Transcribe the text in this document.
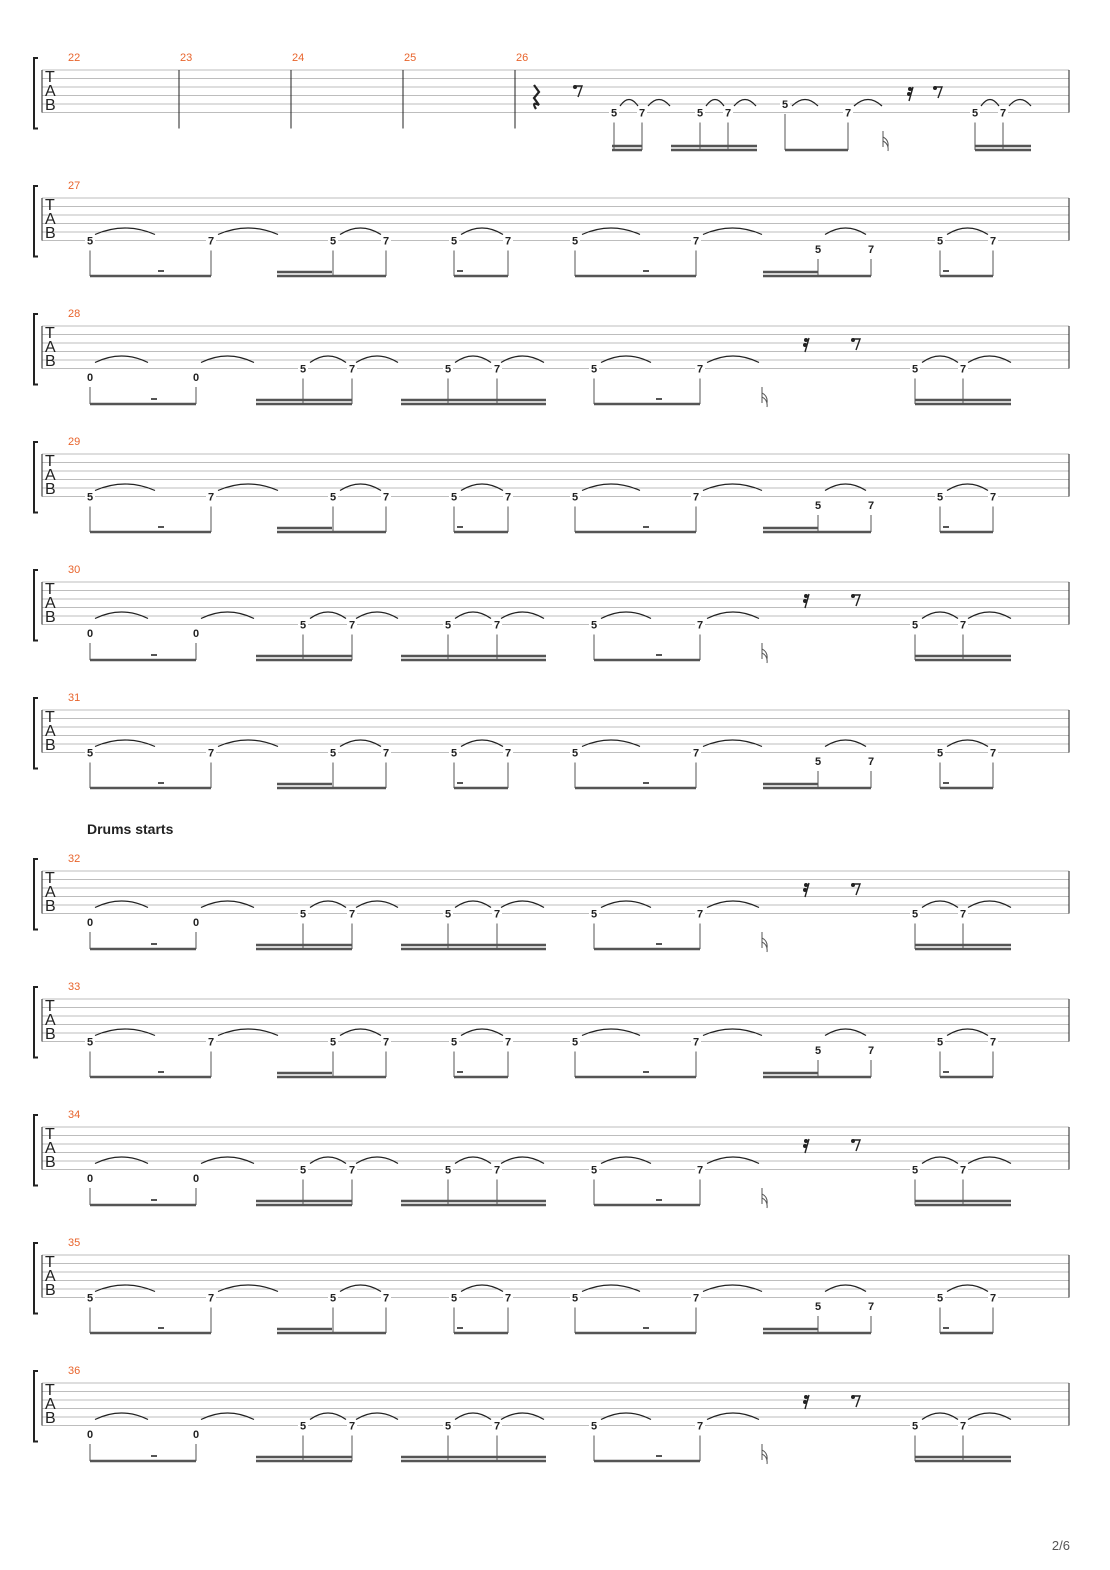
T
A
B
22	23	24	25	26
5 7	5 7
5
7	5 7
T
A
B
27
5	7	5	7	5	7	5	7
5	7
5	7
T
A
B
28
0	0
5	7	5	7	5	7	5	7
T
A
B
29
5	7	5	7	5	7	5	7
5	7
5	7
T
A
B
30
0	0
5	7	5	7	5	7	5	7
T
A
B
31
5	7	5	7	5	7	5	7
5	7
5	7
T
A
B
32
0	0
5	7	5	7	5	7	5	7
T
A
B
33
5	7	5	7	5	7	5	7
5	7
5	7
T
A
B
34
0	0
5	7	5	7	5	7	5	7
T
A
B
35
5	7	5	7	5	7	5	7
5	7
5	7
T
A
B
36
0	0
5	7	5	7	5	7	5	7
Drums starts
2/6
